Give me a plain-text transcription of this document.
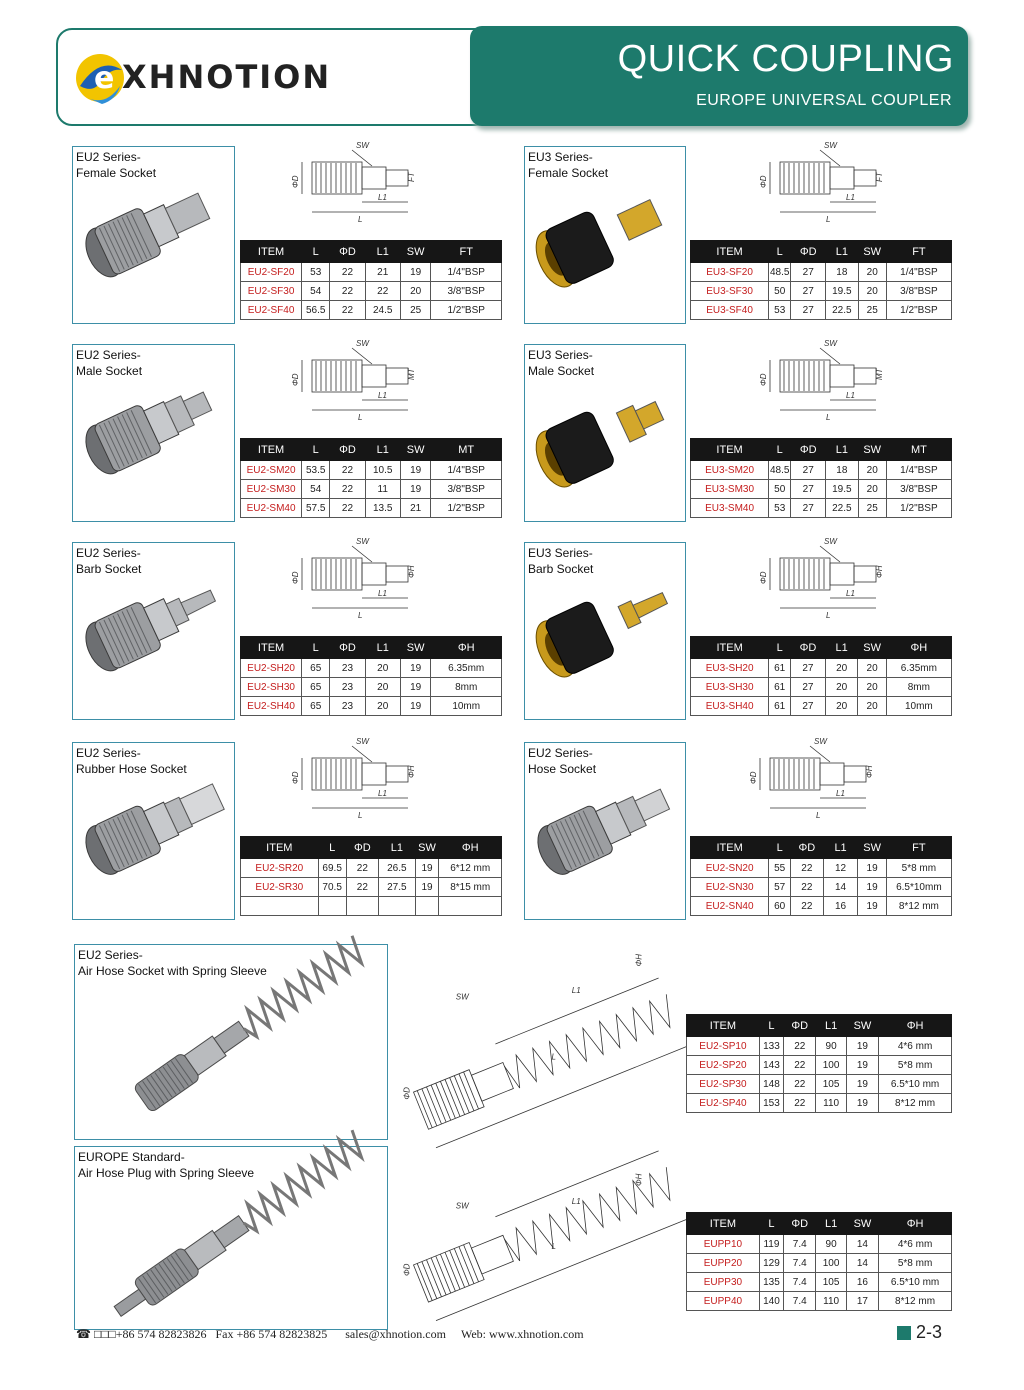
QUICK COUPLING
EUROPE UNIVERSAL COUPLER
e XHNOTION
EU2 Series-
Female Socket
ΦD
SW
L1
L
FT
ITEM	L	ΦD	L1	SW	FT
EU2-SF20	53	22	21	19	1/4"BSP
EU2-SF30	54	22	22	20	3/8"BSP
EU2-SF40	56.5	22	24.5	25	1/2"BSP
EU3 Series-
Female Socket
ΦD
SW
L1
L
FT
ITEM	L	ΦD	L1	SW	FT
EU3-SF20	48.5	27	18	20	1/4"BSP
EU3-SF30	50	27	19.5	20	3/8"BSP
EU3-SF40	53	27	22.5	25	1/2"BSP
EU2 Series-
Male Socket
ΦD
SW
L1
L
MT
ITEM	L	ΦD	L1	SW	MT
EU2-SM20	53.5	22	10.5	19	1/4"BSP
EU2-SM30	54	22	11	19	3/8"BSP
EU2-SM40	57.5	22	13.5	21	1/2"BSP
EU3 Series-
Male Socket
ΦD
SW
L1
L
MT
ITEM	L	ΦD	L1	SW	MT
EU3-SM20	48.5	27	18	20	1/4"BSP
EU3-SM30	50	27	19.5	20	3/8"BSP
EU3-SM40	53	27	22.5	25	1/2"BSP
EU2 Series-
Barb Socket
ΦD
SW
L1
L
ΦH
ITEM	L	ΦD	L1	SW	ΦH
EU2-SH20	65	23	20	19	6.35mm
EU2-SH30	65	23	20	19	8mm
EU2-SH40	65	23	20	19	10mm
EU3 Series-
Barb Socket
ΦD
SW
L1
L
ΦH
ITEM	L	ΦD	L1	SW	ΦH
EU3-SH20	61	27	20	20	6.35mm
EU3-SH30	61	27	20	20	8mm
EU3-SH40	61	27	20	20	10mm
EU2 Series-
Rubber Hose Socket
ΦD
SW
L1
L
ΦH
ITEM	L	ΦD	L1	SW	ΦH
EU2-SR20	69.5	22	26.5	19	6*12 mm
EU2-SR30	70.5	22	27.5	19	8*15 mm

EU2 Series-
Hose Socket
ΦD
SW
L1
L
ΦH
ITEM	L	ΦD	L1	SW	FT
EU2-SN20	55	22	12	19	5*8 mm
EU2-SN30	57	22	14	19	6.5*10mm
EU2-SN40	60	22	16	19	8*12 mm
EU2 Series-
Air Hose Socket with Spring Sleeve
L
L1
SW
ΦD
ΦH
ITEM	L	ΦD	L1	SW	ΦH
EU2-SP10	133	22	90	19	4*6 mm
EU2-SP20	143	22	100	19	5*8 mm
EU2-SP30	148	22	105	19	6.5*10 mm
EU2-SP40	153	22	110	19	8*12 mm
EUROPE Standard-
Air Hose Plug with Spring Sleeve
L
L1
SW
ΦD
ΦH
ITEM	L	ΦD	L1	SW	ΦH
EUPP10	119	7.4	90	14	4*6 mm
EUPP20	129	7.4	100	14	5*8 mm
EUPP30	135	7.4	105	16	6.5*10 mm
EUPP40	140	7.4	110	17	8*12 mm
☎ □□□+86 574 82823826 Fax +86 574 82823825 sales@xhnotion.com Web: www.xhnotion.com	2-3
